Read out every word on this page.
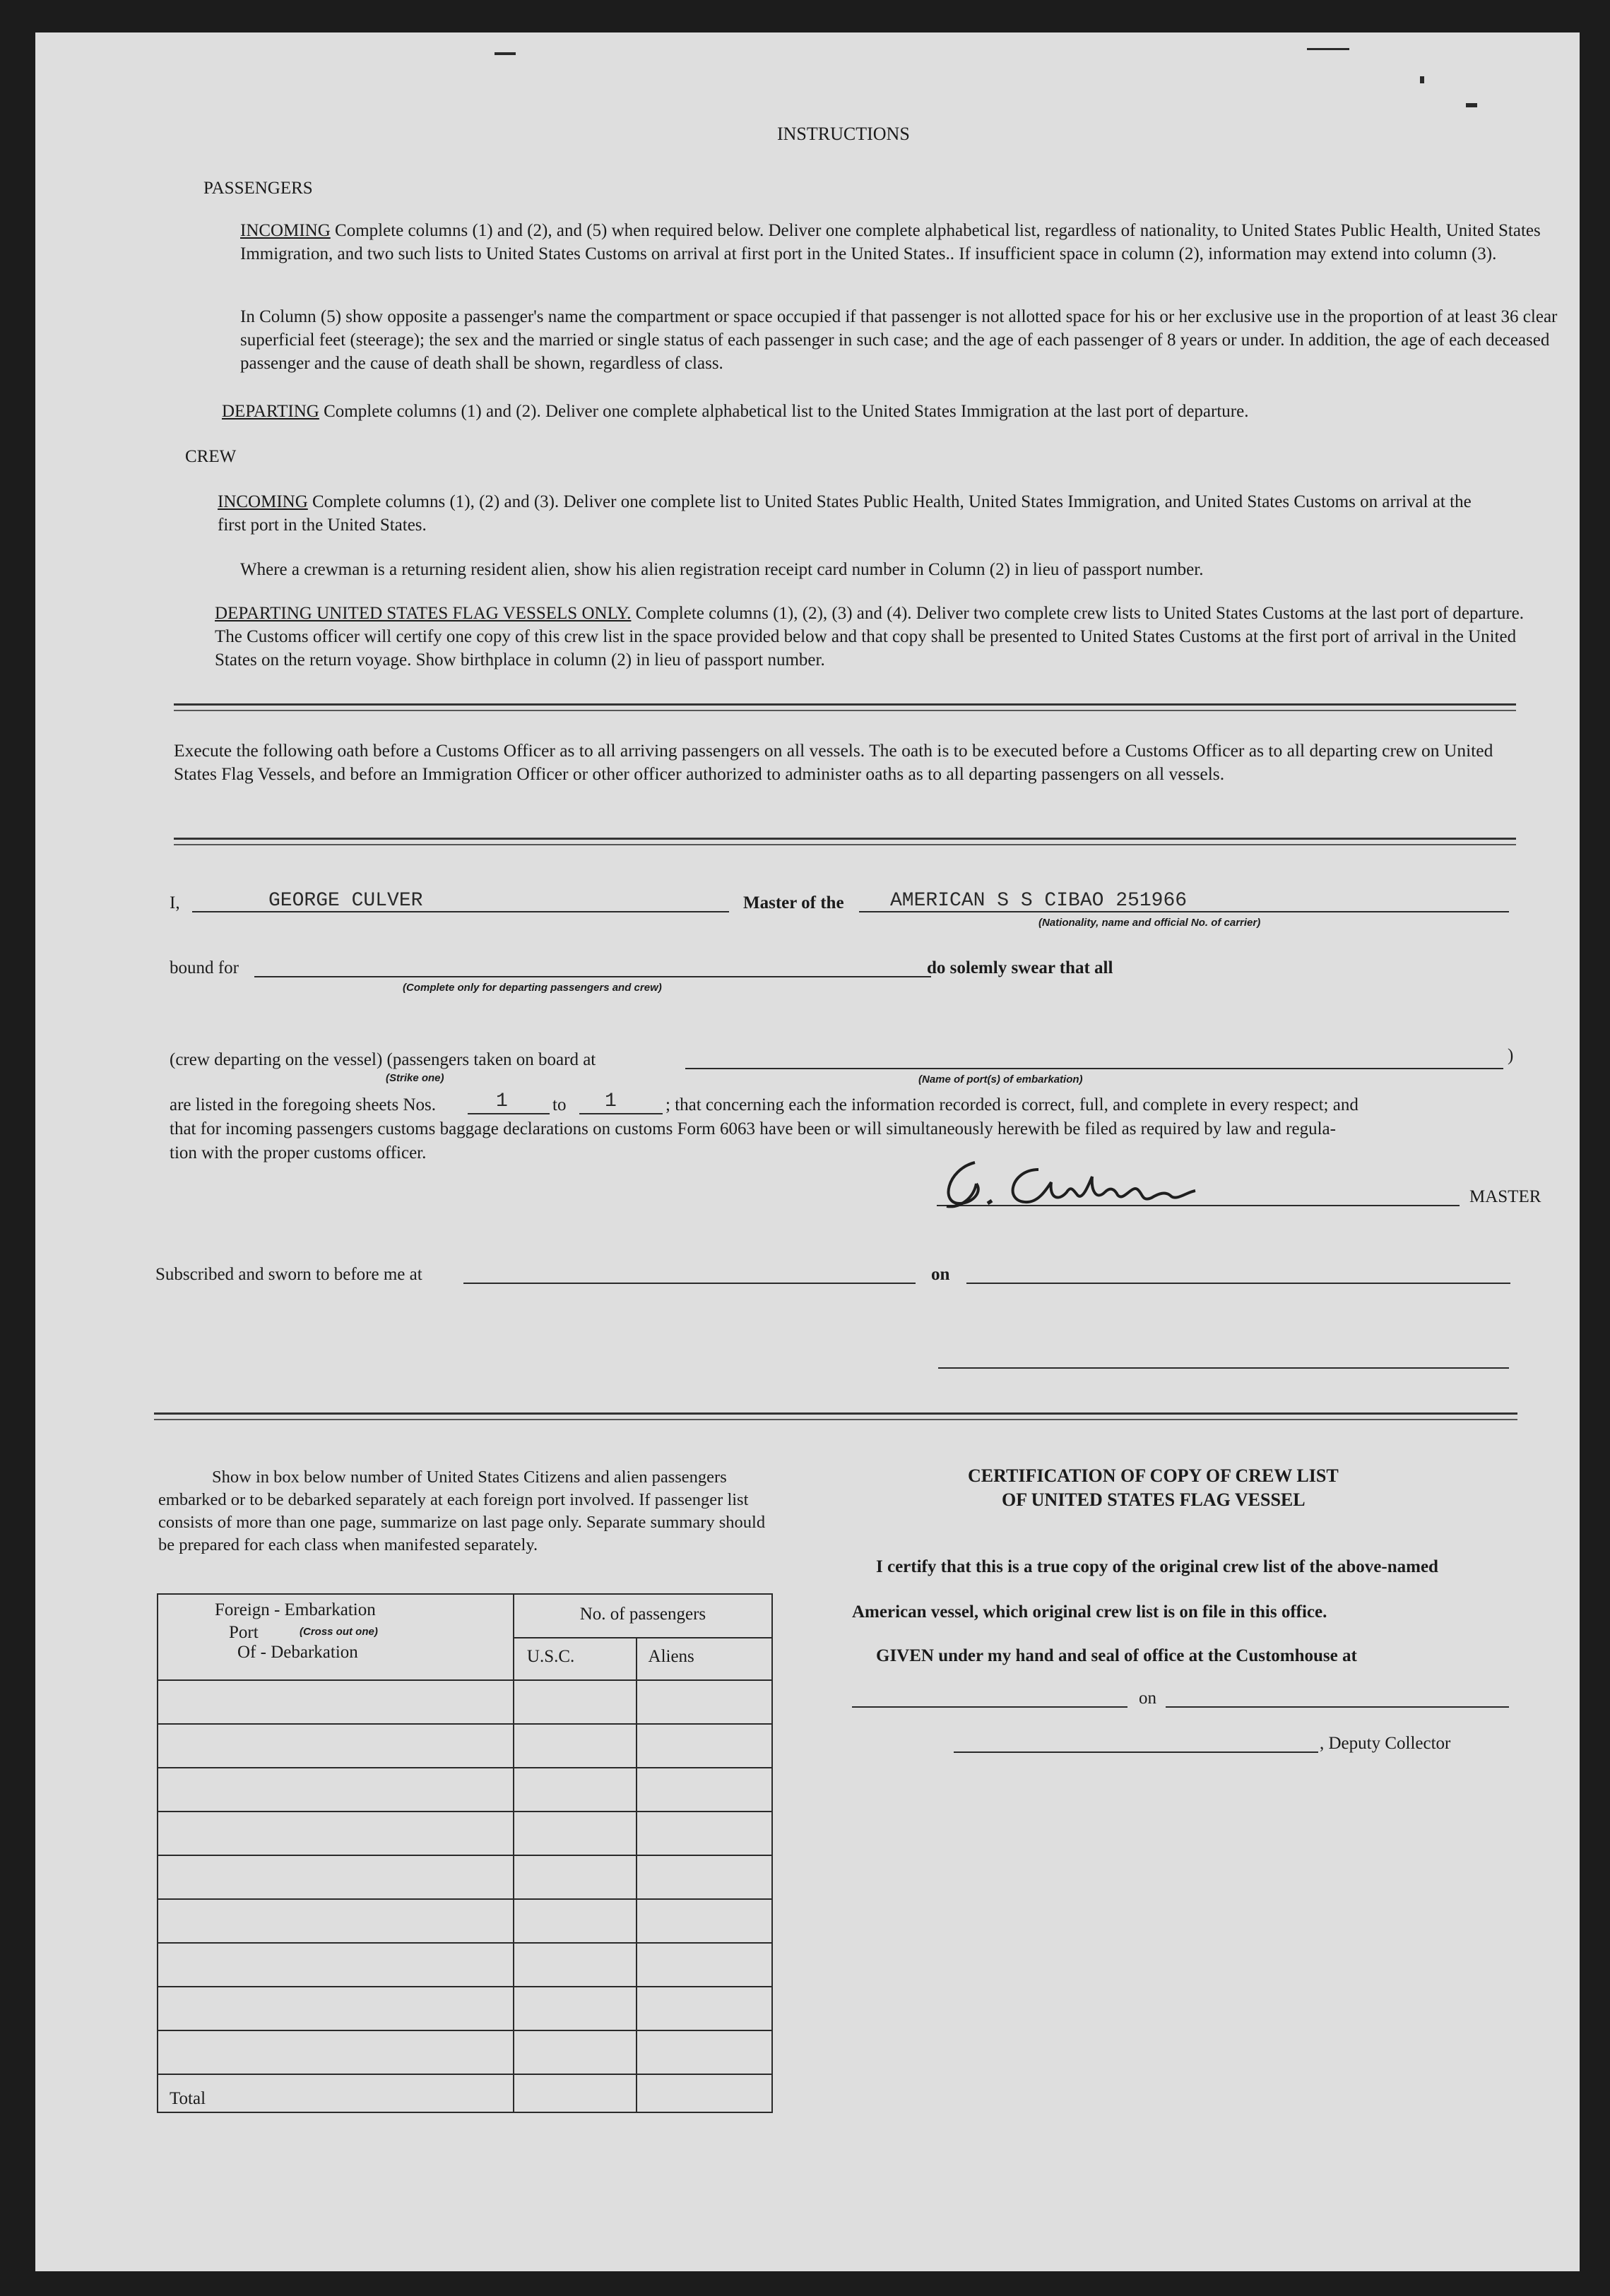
INSTRUCTIONS
PASSENGERS
INCOMING Complete columns (1) and (2), and (5) when required below. Deliver one complete alphabetical list, regardless of nationality, to United States Public Health, United States Immigration, and two such lists to United States Customs on arrival at first port in the United States.. If insufficient space in column (2), information may extend into column (3).
In Column (5) show opposite a passenger's name the compartment or space occupied if that passenger is not allotted space for his or her exclusive use in the proportion of at least 36 clear superficial feet (steerage); the sex and the married or single status of each passenger in such case; and the age of each passenger of 8 years or under. In addition, the age of each deceased passenger and the cause of death shall be shown, regardless of class.
DEPARTING Complete columns (1) and (2). Deliver one complete alphabetical list to the United States Immigration at the last port of departure.
CREW
INCOMING Complete columns (1), (2) and (3). Deliver one complete list to United States Public Health, United States Immigration, and United States Customs on arrival at the first port in the United States.
Where a crewman is a returning resident alien, show his alien registration receipt card number in Column (2) in lieu of passport number.
DEPARTING UNITED STATES FLAG VESSELS ONLY. Complete columns (1), (2), (3) and (4). Deliver two complete crew lists to United States Customs at the last port of departure. The Customs officer will certify one copy of this crew list in the space provided below and that copy shall be presented to United States Customs at the first port of arrival in the United States on the return voyage. Show birthplace in column (2) in lieu of passport number.
Execute the following oath before a Customs Officer as to all arriving passengers on all vessels. The oath is to be executed before a Customs Officer as to all departing crew on United States Flag Vessels, and before an Immigration Officer or other officer authorized to administer oaths as to all departing passengers on all vessels.
I,	GEORGE CULVER	Master of the AMERICAN S S CIBAO 251966
(Nationality, name and official No. of carrier)
bound for	do solemly swear that all
(Complete only for departing passengers and crew)
(crew departing on the vessel) (passengers taken on board at
(Strike one)
)
(Name of port(s) of embarkation)
are listed in the foregoing sheets Nos.	1	to 1	; that concerning each the information recorded is correct, full, and complete in every respect; and
that for incoming passengers customs baggage declarations on customs Form 6063 have been or will simultaneously herewith be filed as required by law and regula-
tion with the proper customs officer.
MASTER
Subscribed and sworn to before me at	on
Show in box below number of United States Citizens and alien passengers embarked or to be debarked separately at each foreign port involved. If passenger list consists of more than one page, summarize on last page only. Separate summary should be prepared for each class when manifested separately.
Foreign - Embarkation
Port (Cross out one)
Of - Debarkation	No. of passengers	
	U.S.C.	Aliens

Total		
CERTIFICATION OF COPY OF CREW LIST
OF UNITED STATES FLAG VESSEL
I certify that this is a true copy of the original crew list of the above-named
American vessel, which original crew list is on file in this office.
GIVEN under my hand and seal of office at the Customhouse at
on
, Deputy Collector
